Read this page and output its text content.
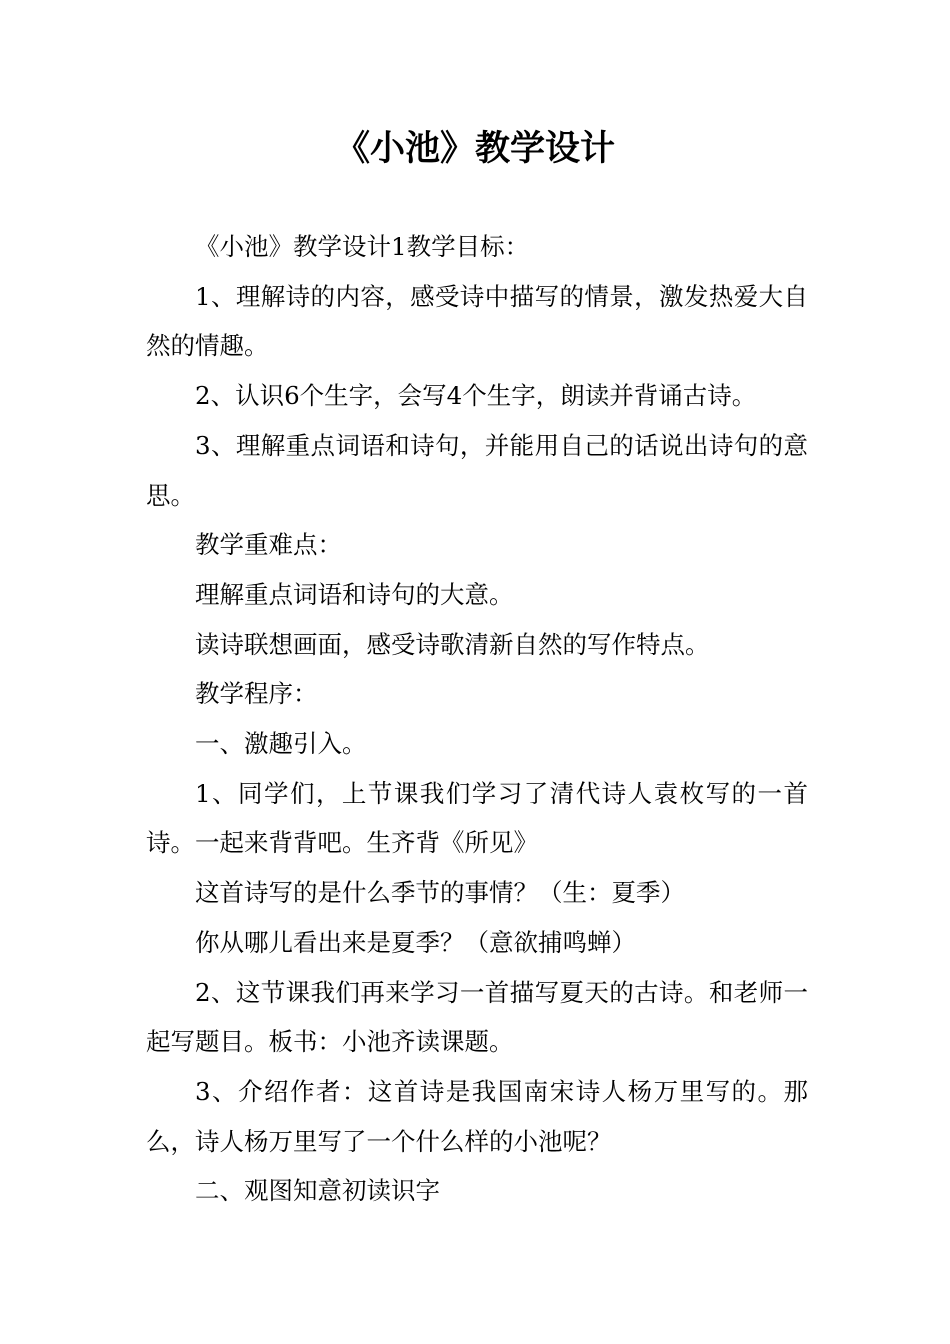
《小池》教学设计

《小池》教学设计1教学目标：

1、理解诗的内容，感受诗中描写的情景，激发热爱大自然的情趣。

2、认识6个生字，会写4个生字，朗读并背诵古诗。

3、理解重点词语和诗句，并能用自己的话说出诗句的意思。

教学重难点：

理解重点词语和诗句的大意。

读诗联想画面，感受诗歌清新自然的写作特点。

教学程序：

一、激趣引入。

1、同学们，上节课我们学习了清代诗人袁枚写的一首诗。一起来背背吧。生齐背《所见》

这首诗写的是什么季节的事情？（生：夏季）

你从哪儿看出来是夏季？（意欲捕鸣蝉）

2、这节课我们再来学习一首描写夏天的古诗。和老师一起写题目。板书：小池齐读课题。

3、介绍作者：这首诗是我国南宋诗人杨万里写的。那么，诗人杨万里写了一个什么样的小池呢？

二、观图知意初读识字
